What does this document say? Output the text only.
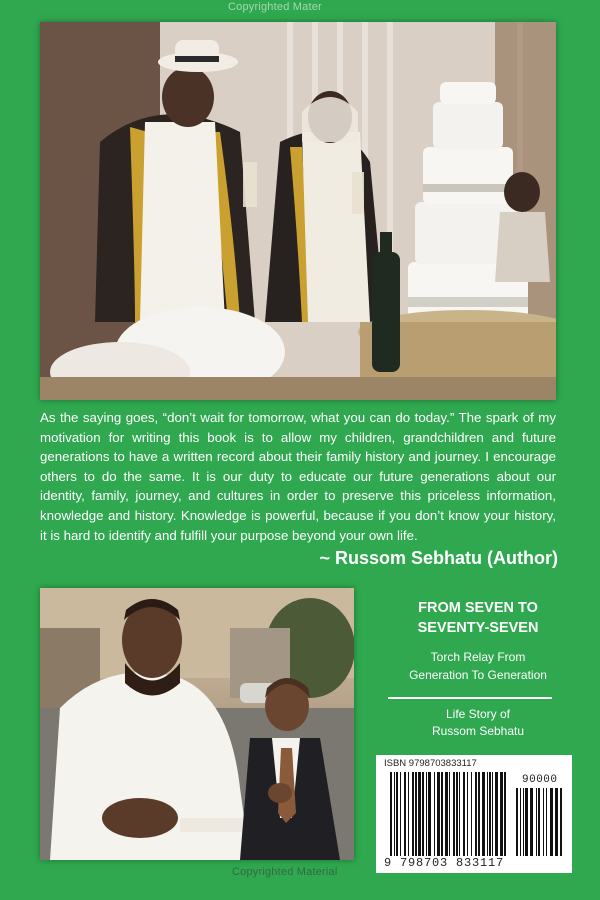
Copyrighted Mater

As the saying goes, “don’t wait for tomorrow, what you can do today.” The spark of my motivation for writing this book is to allow my children, grandchildren and future generations to have a written record about their family history and journey. I encourage others to do the same. It is our duty to educate our future generations about our identity, family, journey, and cultures in order to preserve this priceless information, knowledge and history. Knowledge is powerful, because if you don’t know your history, it is hard to identify and fulfill your purpose beyond your own life.

~ Russom Sebhatu (Author)
FROM SEVEN TO
SEVENTY-SEVEN
Torch Relay From
Generation To Generation
Life Story of
Russom Sebhatu
ISBN 9798703833117
90000
9 798703 833117
Copyrighted Material
